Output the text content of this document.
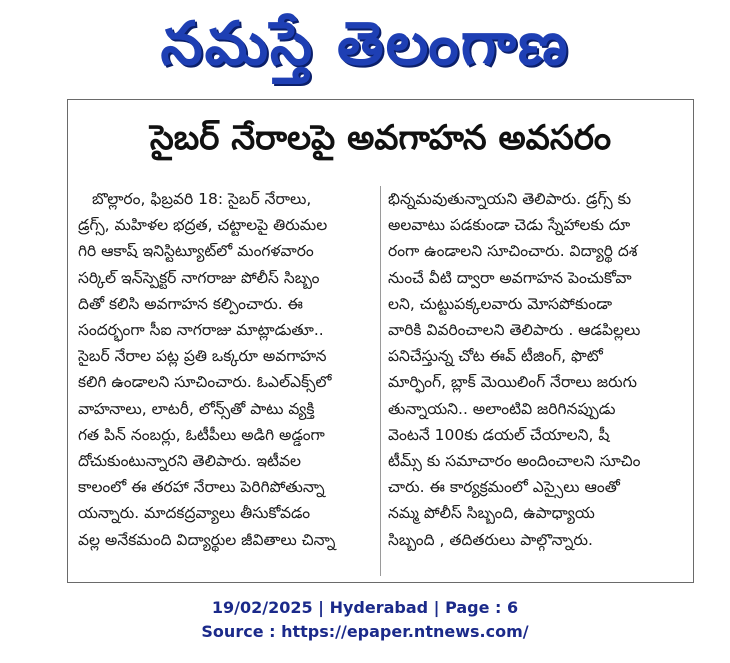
నమస్తే తెలంగాణ
సైబర్ నేరాలపై అవగాహన అవసరం
బొల్లారం, ఫిబ్రవరి 18: సైబర్ నేరాలు,
డ్రగ్స్, మహిళల భద్రత, చట్టాలపై తిరుమల
గిరి ఆకాష్ ఇనిస్టిట్యూట్‌లో మంగళవారం
సర్కిల్ ఇన్‌స్పెక్టర్ నాగరాజు పోలీస్ సిబ్బం
దితో కలిసి అవగాహన కల్పించారు. ఈ
సందర్భంగా సీఐ నాగరాజు మాట్లాడుతూ..
సైబర్ నేరాల పట్ల ప్రతి ఒక్కరూ అవగాహన
కలిగి ఉండాలని సూచించారు. ఓఎల్ఎక్స్‌లో
వాహనాలు, లాటరీ, లోన్స్‌తో పాటు వ్యక్తి
గత పిన్ నంబర్లు, ఓటీపీలు అడిగి అడ్డంగా
దోచుకుంటున్నారని తెలిపారు. ఇటీవల
కాలంలో ఈ తరహా నేరాలు పెరిగిపోతున్నా
యన్నారు. మాదకద్రవ్యాలు తీసుకోవడం
వల్ల అనేకమంది విద్యార్థుల జీవితాలు చిన్నా
భిన్నమవుతున్నాయని తెలిపారు. డ్రగ్స్ కు
అలవాటు పడకుండా చెడు స్నేహాలకు దూ
రంగా ఉండాలని సూచించారు. విద్యార్థి దశ
నుంచే వీటి ద్వారా అవగాహన పెంచుకోవా
లని, చుట్టుపక్కలవారు మోసపోకుండా
వారికి వివరించాలని తెలిపారు . ఆడపిల్లలు
పనిచేస్తున్న చోట ఈవ్ టీజింగ్, ఫొటో
మార్ఫింగ్, బ్లాక్ మెయిలింగ్ నేరాలు జరుగు
తున్నాయని.. అలాంటివి జరిగినప్పుడు
వెంటనే 100కు డయల్ చేయాలని, షీ
టీమ్స్ కు సమాచారం అందించాలని సూచిం
చారు. ఈ కార్యక్రమంలో ఎస్సైలు ఆంతో
నమ్మ పోలీస్ సిబ్బంది, ఉపాధ్యాయ
సిబ్బంది , తదితరులు పాల్గొన్నారు.
19/02/2025 | Hyderabad | Page : 6
Source : https://epaper.ntnews.com/
